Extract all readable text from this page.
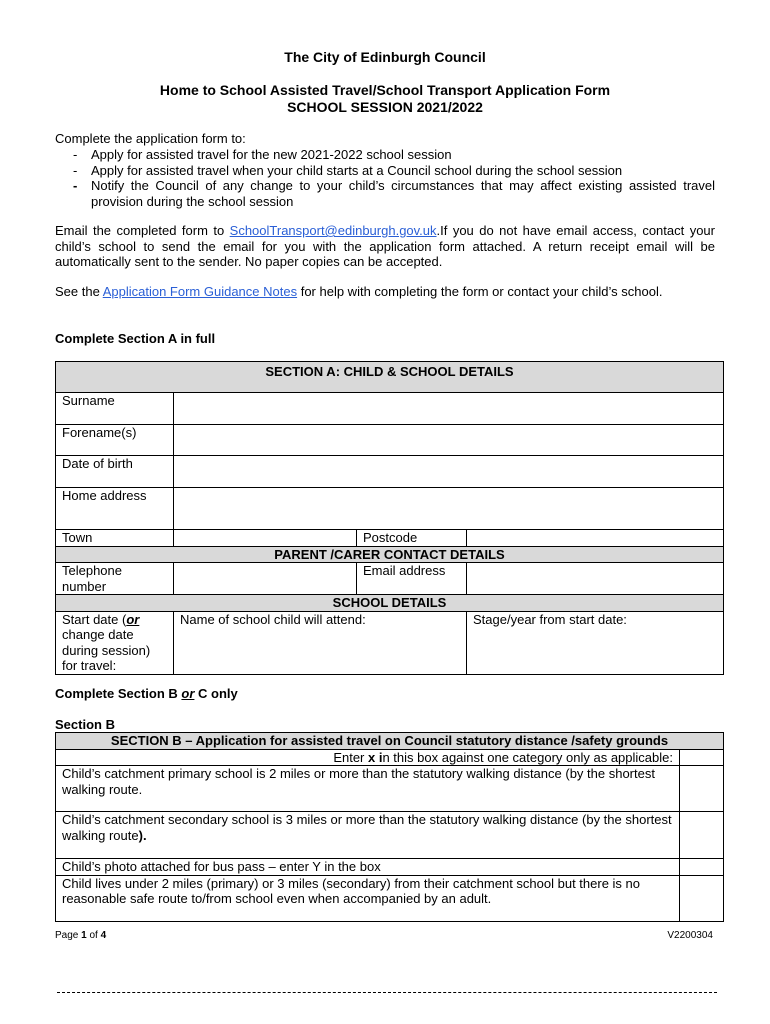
The City of Edinburgh Council
Home to School Assisted Travel/School Transport Application Form
SCHOOL SESSION 2021/2022
Complete the application form to:
- Apply for assisted travel for the new 2021-2022 school session
- Apply for assisted travel when your child starts at a Council school during the school session
- Notify the Council of any change to your child’s circumstances that may affect existing assisted travel provision during the school session
Email the completed form to SchoolTransport@edinburgh.gov.uk.If you do not have email access, contact your child’s school to send the email for you with the application form attached. A return receipt email will be automatically sent to the sender. No paper copies can be accepted.
See the Application Form Guidance Notes for help with completing the form or contact your child’s school.
Complete Section A in full
SECTION A: CHILD & SCHOOL DETAILS			
Surname			
Forename(s)			
Date of birth			
Home address			
Town		Postcode	
PARENT /CARER CONTACT DETAILS			
Telephone number		Email address	
SCHOOL DETAILS			
Start date (or change date during session) for travel:	Name of school child will attend:		Stage/year from start date:
Complete Section B or C only
Section B
SECTION B – Application for assisted travel on Council statutory distance /safety grounds	
Enter x in this box against one category only as applicable:	
Child’s catchment primary school is 2 miles or more than the statutory walking distance (by the shortest walking route.	
Child’s catchment secondary school is 3 miles or more than the statutory walking distance (by the shortest walking route).	
Child’s photo attached for bus pass – enter Y in the box	
Child lives under 2 miles (primary) or 3 miles (secondary) from their catchment school but there is no reasonable safe route to/from school even when accompanied by an adult.	
Page 1 of 4	V2200304
